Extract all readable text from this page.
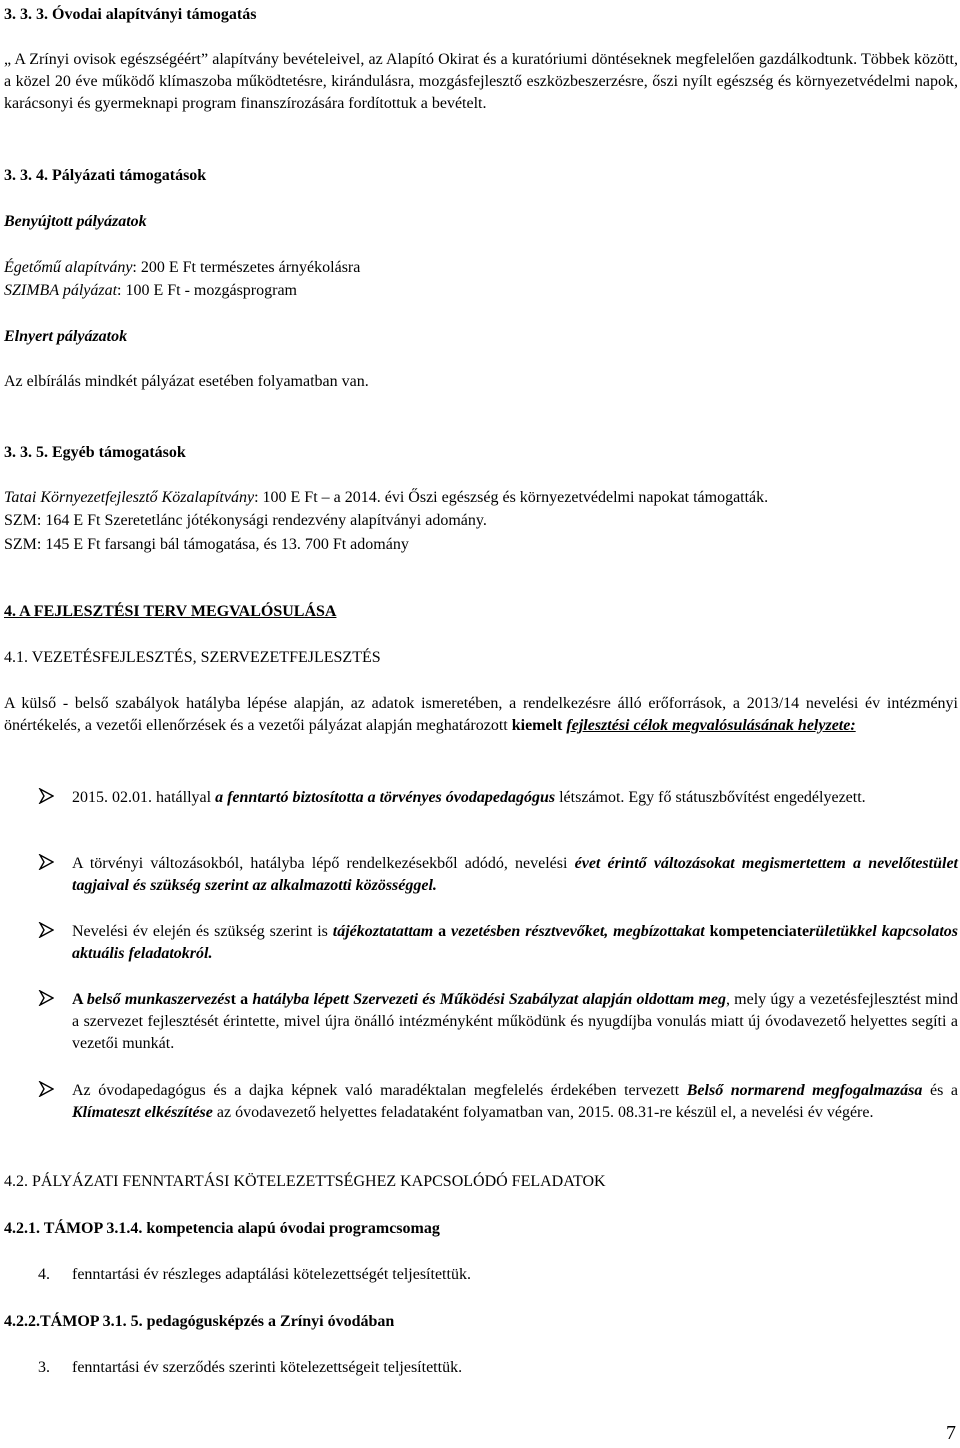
3. 3. 3. Óvodai alapítványi támogatás
„ A Zrínyi ovisok egészségéért” alapítvány bevételeivel, az Alapító Okirat és a kuratóriumi döntéseknek megfelelően gazdálkodtunk. Többek között, a közel 20 éve működő klímaszoba működtetésre, kirándulásra, mozgásfejlesztő eszközbeszerzésre, őszi nyílt egészség és környezetvédelmi napok, karácsonyi és gyermeknapi program finanszírozására fordítottuk a bevételt.
3. 3. 4. Pályázati támogatások
Benyújtott pályázatok
Égetőmű alapítvány: 200 E Ft természetes árnyékolásra
SZIMBA pályázat: 100 E Ft - mozgásprogram
Elnyert pályázatok
Az elbírálás mindkét pályázat esetében folyamatban van.
3. 3. 5. Egyéb támogatások
Tatai Környezetfejlesztő Közalapítvány: 100 E Ft – a 2014. évi Őszi egészség és környezetvédelmi napokat támogatták.
SZM: 164 E Ft Szeretetlánc jótékonysági rendezvény alapítványi adomány.
SZM: 145 E Ft farsangi bál támogatása, és 13. 700 Ft adomány
4. A FEJLESZTÉSI TERV MEGVALÓSULÁSA
4.1. VEZETÉSFEJLESZTÉS, SZERVEZETFEJLESZTÉS
A külső - belső szabályok hatályba lépése alapján, az adatok ismeretében, a rendelkezésre álló erőforrások, a 2013/14 nevelési év intézményi önértékelés, a vezetői ellenőrzések és a vezetői pályázat alapján meghatározott kiemelt fejlesztési célok megvalósulásának helyzete:
2015. 02.01. hatállyal a fenntartó biztosította a törvényes óvodapedagógus létszámot. Egy fő státuszbővítést engedélyezett.
A törvényi változásokból, hatályba lépő rendelkezésekből adódó, nevelési évet érintő változásokat megismertettem a nevelőtestület tagjaival és szükség szerint az alkalmazotti közösséggel.
Nevelési év elején és szükség szerint is tájékoztatattam a vezetésben résztvevőket, megbízottakat kompetenciaterületükkel kapcsolatos aktuális feladatokról.
A belső munkaszervezést a hatályba lépett Szervezeti és Működési Szabályzat alapján oldottam meg, mely úgy a vezetésfejlesztést mind a szervezet fejlesztését érintette, mivel újra önálló intézményként működünk és nyugdíjba vonulás miatt új óvodavezető helyettes segíti a vezetői munkát.
Az óvodapedagógus és a dajka képnek való maradéktalan megfelelés érdekében tervezett Belső normarend megfogalmazása és a Klímateszt elkészítése az óvodavezető helyettes feladataként folyamatban van, 2015. 08.31-re készül el, a nevelési év végére.
4.2. PÁLYÁZATI FENNTARTÁSI KÖTELEZETTSÉGHEZ KAPCSOLÓDÓ FELADATOK
4.2.1. TÁMOP 3.1.4. kompetencia alapú óvodai programcsomag
4. fenntartási év részleges adaptálási kötelezettségét teljesítettük.
4.2.2.TÁMOP 3.1. 5. pedagógusképzés a Zrínyi óvodában
3. fenntartási év szerződés szerinti kötelezettségeit teljesítettük.
7
